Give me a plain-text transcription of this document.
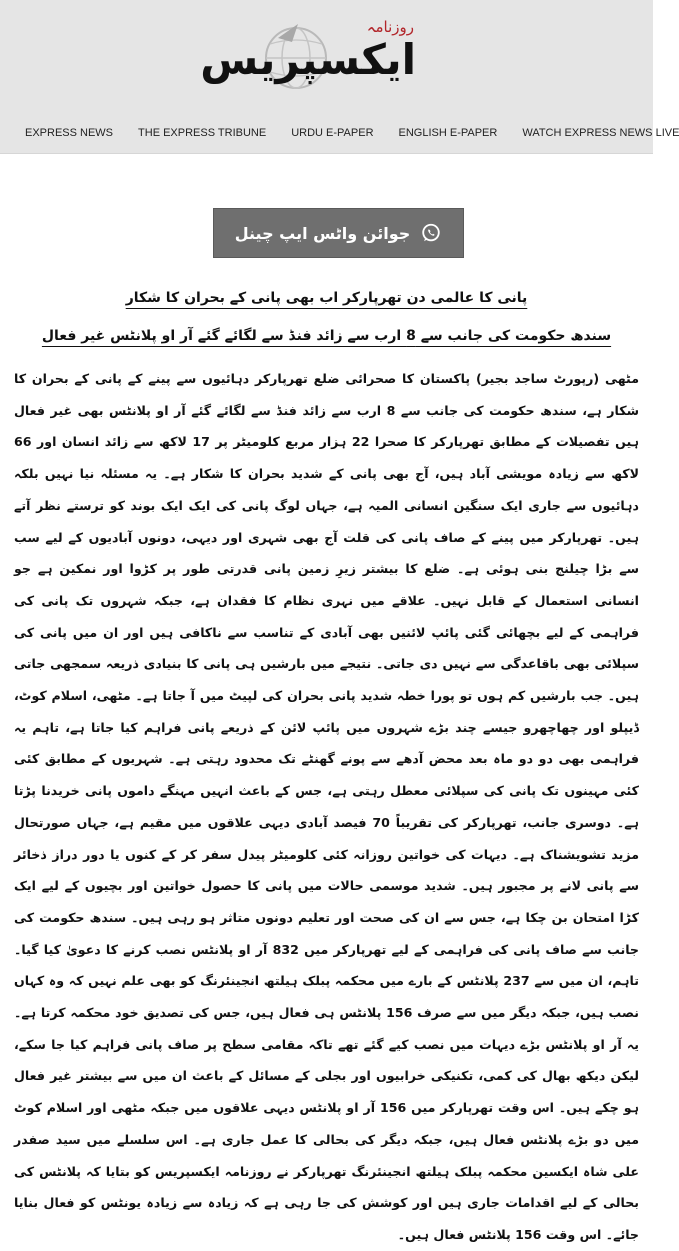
روزنامہ
ایکسپریس
EXPRESS NEWS THE EXPRESS TRIBUNE URDU E-PAPER ENGLISH E-PAPER WATCH EXPRESS NEWS LIVE
جوائن واٹس ایپ چینل
پانی کا عالمی دن تھرپارکر اب بھی پانی کے بحران کا شکار
سندھ حکومت کی جانب سے 8 ارب سے زائد فنڈ سے لگائے گئے آر او پلانٹس غیر فعال
مٹھی (رپورٹ ساجد بجیر) پاکستان کا صحرائی ضلع تھرپارکر دہائیوں سے پینے کے پانی کے بحران کا شکار ہے، سندھ حکومت کی جانب سے 8 ارب سے زائد فنڈ سے لگائے گئے آر او پلانٹس بھی غیر فعال ہیں تفصیلات کے مطابق تھرپارکر کا صحرا 22 ہزار مربع کلومیٹر پر 17 لاکھ سے زائد انسان اور 66 لاکھ سے زیادہ مویشی آباد ہیں، آج بھی پانی کے شدید بحران کا شکار ہے۔ یہ مسئلہ نیا نہیں بلکہ دہائیوں سے جاری ایک سنگین انسانی المیہ ہے، جہاں لوگ پانی کی ایک ایک بوند کو ترستے نظر آتے ہیں۔ تھرپارکر میں پینے کے صاف پانی کی قلت آج بھی شہری اور دیہی، دونوں آبادیوں کے لیے سب سے بڑا چیلنج بنی ہوئی ہے۔ ضلع کا بیشتر زیرِ زمین پانی قدرتی طور پر کڑوا اور نمکین ہے جو انسانی استعمال کے قابل نہیں۔ علاقے میں نہری نظام کا فقدان ہے، جبکہ شہروں تک پانی کی فراہمی کے لیے بچھائی گئی پائپ لائنیں بھی آبادی کے تناسب سے ناکافی ہیں اور ان میں پانی کی سپلائی بھی باقاعدگی سے نہیں دی جاتی۔ نتیجے میں بارشیں ہی پانی کا بنیادی ذریعہ سمجھی جاتی ہیں۔ جب بارشیں کم ہوں تو پورا خطہ شدید پانی بحران کی لپیٹ میں آ جاتا ہے۔ مٹھی، اسلام کوٹ، ڈیپلو اور چھاچھرو جیسے چند بڑے شہروں میں پائپ لائن کے ذریعے پانی فراہم کیا جاتا ہے، تاہم یہ فراہمی بھی دو دو ماہ بعد محض آدھے سے پونے گھنٹے تک محدود رہتی ہے۔ شہریوں کے مطابق کئی کئی مہینوں تک پانی کی سپلائی معطل رہتی ہے، جس کے باعث انہیں مہنگے داموں پانی خریدنا پڑتا ہے۔ دوسری جانب، تھرپارکر کی تقریباً 70 فیصد آبادی دیہی علاقوں میں مقیم ہے، جہاں صورتحال مزید تشویشناک ہے۔ دیہات کی خواتین روزانہ کئی کلومیٹر پیدل سفر کر کے کنوں یا دور دراز ذخائر سے پانی لانے پر مجبور ہیں۔ شدید موسمی حالات میں پانی کا حصول خواتین اور بچیوں کے لیے ایک کڑا امتحان بن چکا ہے، جس سے ان کی صحت اور تعلیم دونوں متاثر ہو رہی ہیں۔ سندھ حکومت کی جانب سے صاف پانی کی فراہمی کے لیے تھرپارکر میں 832 آر او پلانٹس نصب کرنے کا دعویٰ کیا گیا۔ تاہم، ان میں سے 237 پلانٹس کے بارے میں محکمہ پبلک ہیلتھ انجینئرنگ کو بھی علم نہیں کہ وہ کہاں نصب ہیں، جبکہ دیگر میں سے صرف 156 پلانٹس ہی فعال ہیں، جس کی تصدیق خود محکمہ کرتا ہے۔ یہ آر او پلانٹس بڑے دیہات میں نصب کیے گئے تھے تاکہ مقامی سطح پر صاف پانی فراہم کیا جا سکے، لیکن دیکھ بھال کی کمی، تکنیکی خرابیوں اور بجلی کے مسائل کے باعث ان میں سے بیشتر غیر فعال ہو چکے ہیں۔ اس وقت تھرپارکر میں 156 آر او پلانٹس دیہی علاقوں میں جبکہ مٹھی اور اسلام کوٹ میں دو بڑے پلانٹس فعال ہیں، جبکہ دیگر کی بحالی کا عمل جاری ہے۔ اس سلسلے میں سید صفدر علی شاہ ایکسین محکمہ پبلک ہیلتھ انجینئرنگ تھرپارکر نے روزنامہ ایکسپریس کو بتایا کہ پلانٹس کی بحالی کے لیے اقدامات جاری ہیں اور کوشش کی جا رہی ہے کہ زیادہ سے زیادہ یونٹس کو فعال بنایا جائے۔ اس وقت 156 پلانٹس فعال ہیں۔
